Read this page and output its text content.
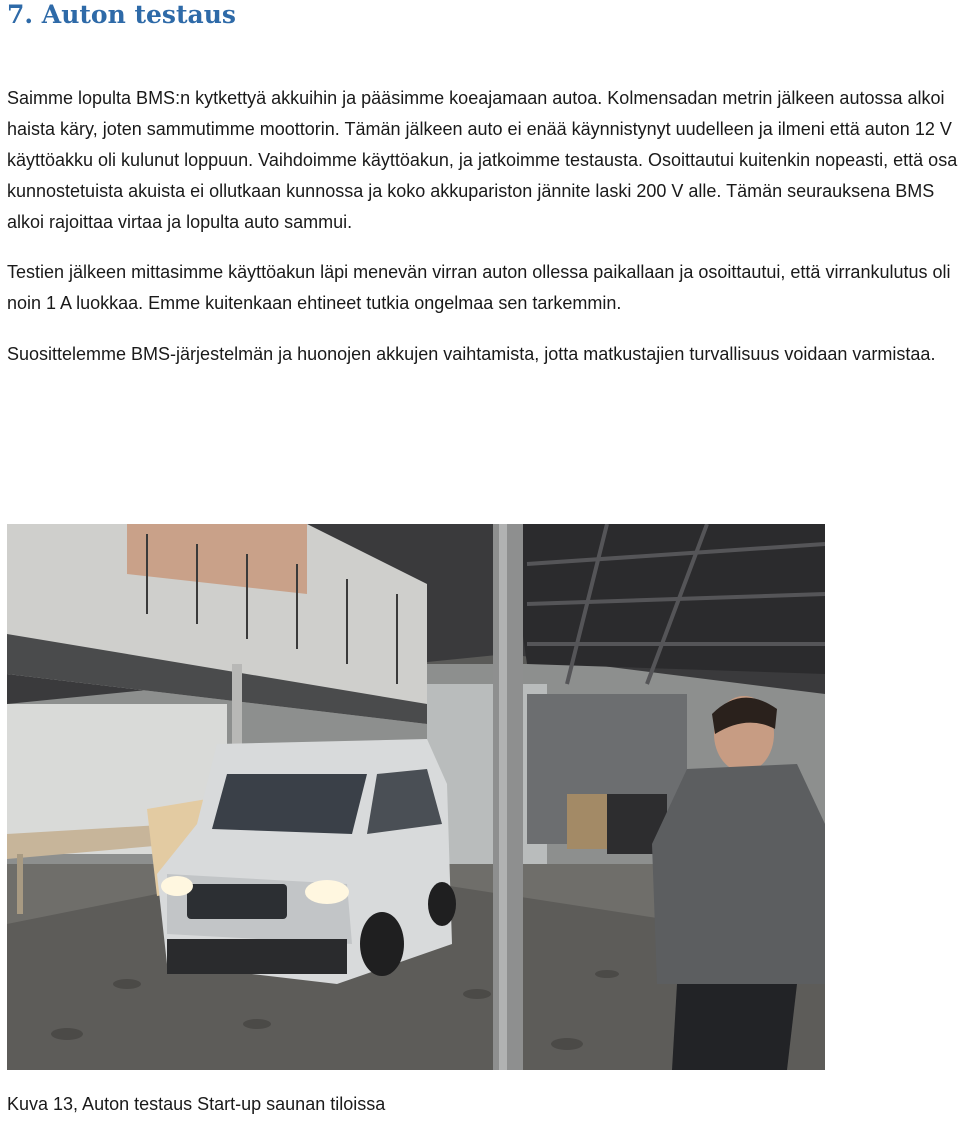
7. Auton testaus

Saimme lopulta BMS:n kytkettyä akkuihin ja pääsimme koeajamaan autoa. Kolmensadan metrin jälkeen autossa alkoi haista käry, joten sammutimme moottorin. Tämän jälkeen auto ei enää käynnistynyt uudelleen ja ilmeni että auton 12 V käyttöakku oli kulunut loppuun. Vaihdoimme käyttöakun, ja jatkoimme testausta. Osoittautui kuitenkin nopeasti, että osa kunnostetuista akuista ei ollutkaan kunnossa ja koko akkupariston jännite laski 200 V alle. Tämän seurauksena BMS alkoi rajoittaa virtaa ja lopulta auto sammui.

Testien jälkeen mittasimme käyttöakun läpi menevän virran auton ollessa paikallaan ja osoittautui, että virrankulutus oli noin 1 A luokkaa. Emme kuitenkaan ehtineet tutkia ongelmaa sen tarkemmin.

Suosittelemme BMS-järjestelmän ja huonojen akkujen vaihtamista, jotta matkustajien turvallisuus voidaan varmistaa.

Kuva 13, Auton testaus Start-up saunan tiloissa
